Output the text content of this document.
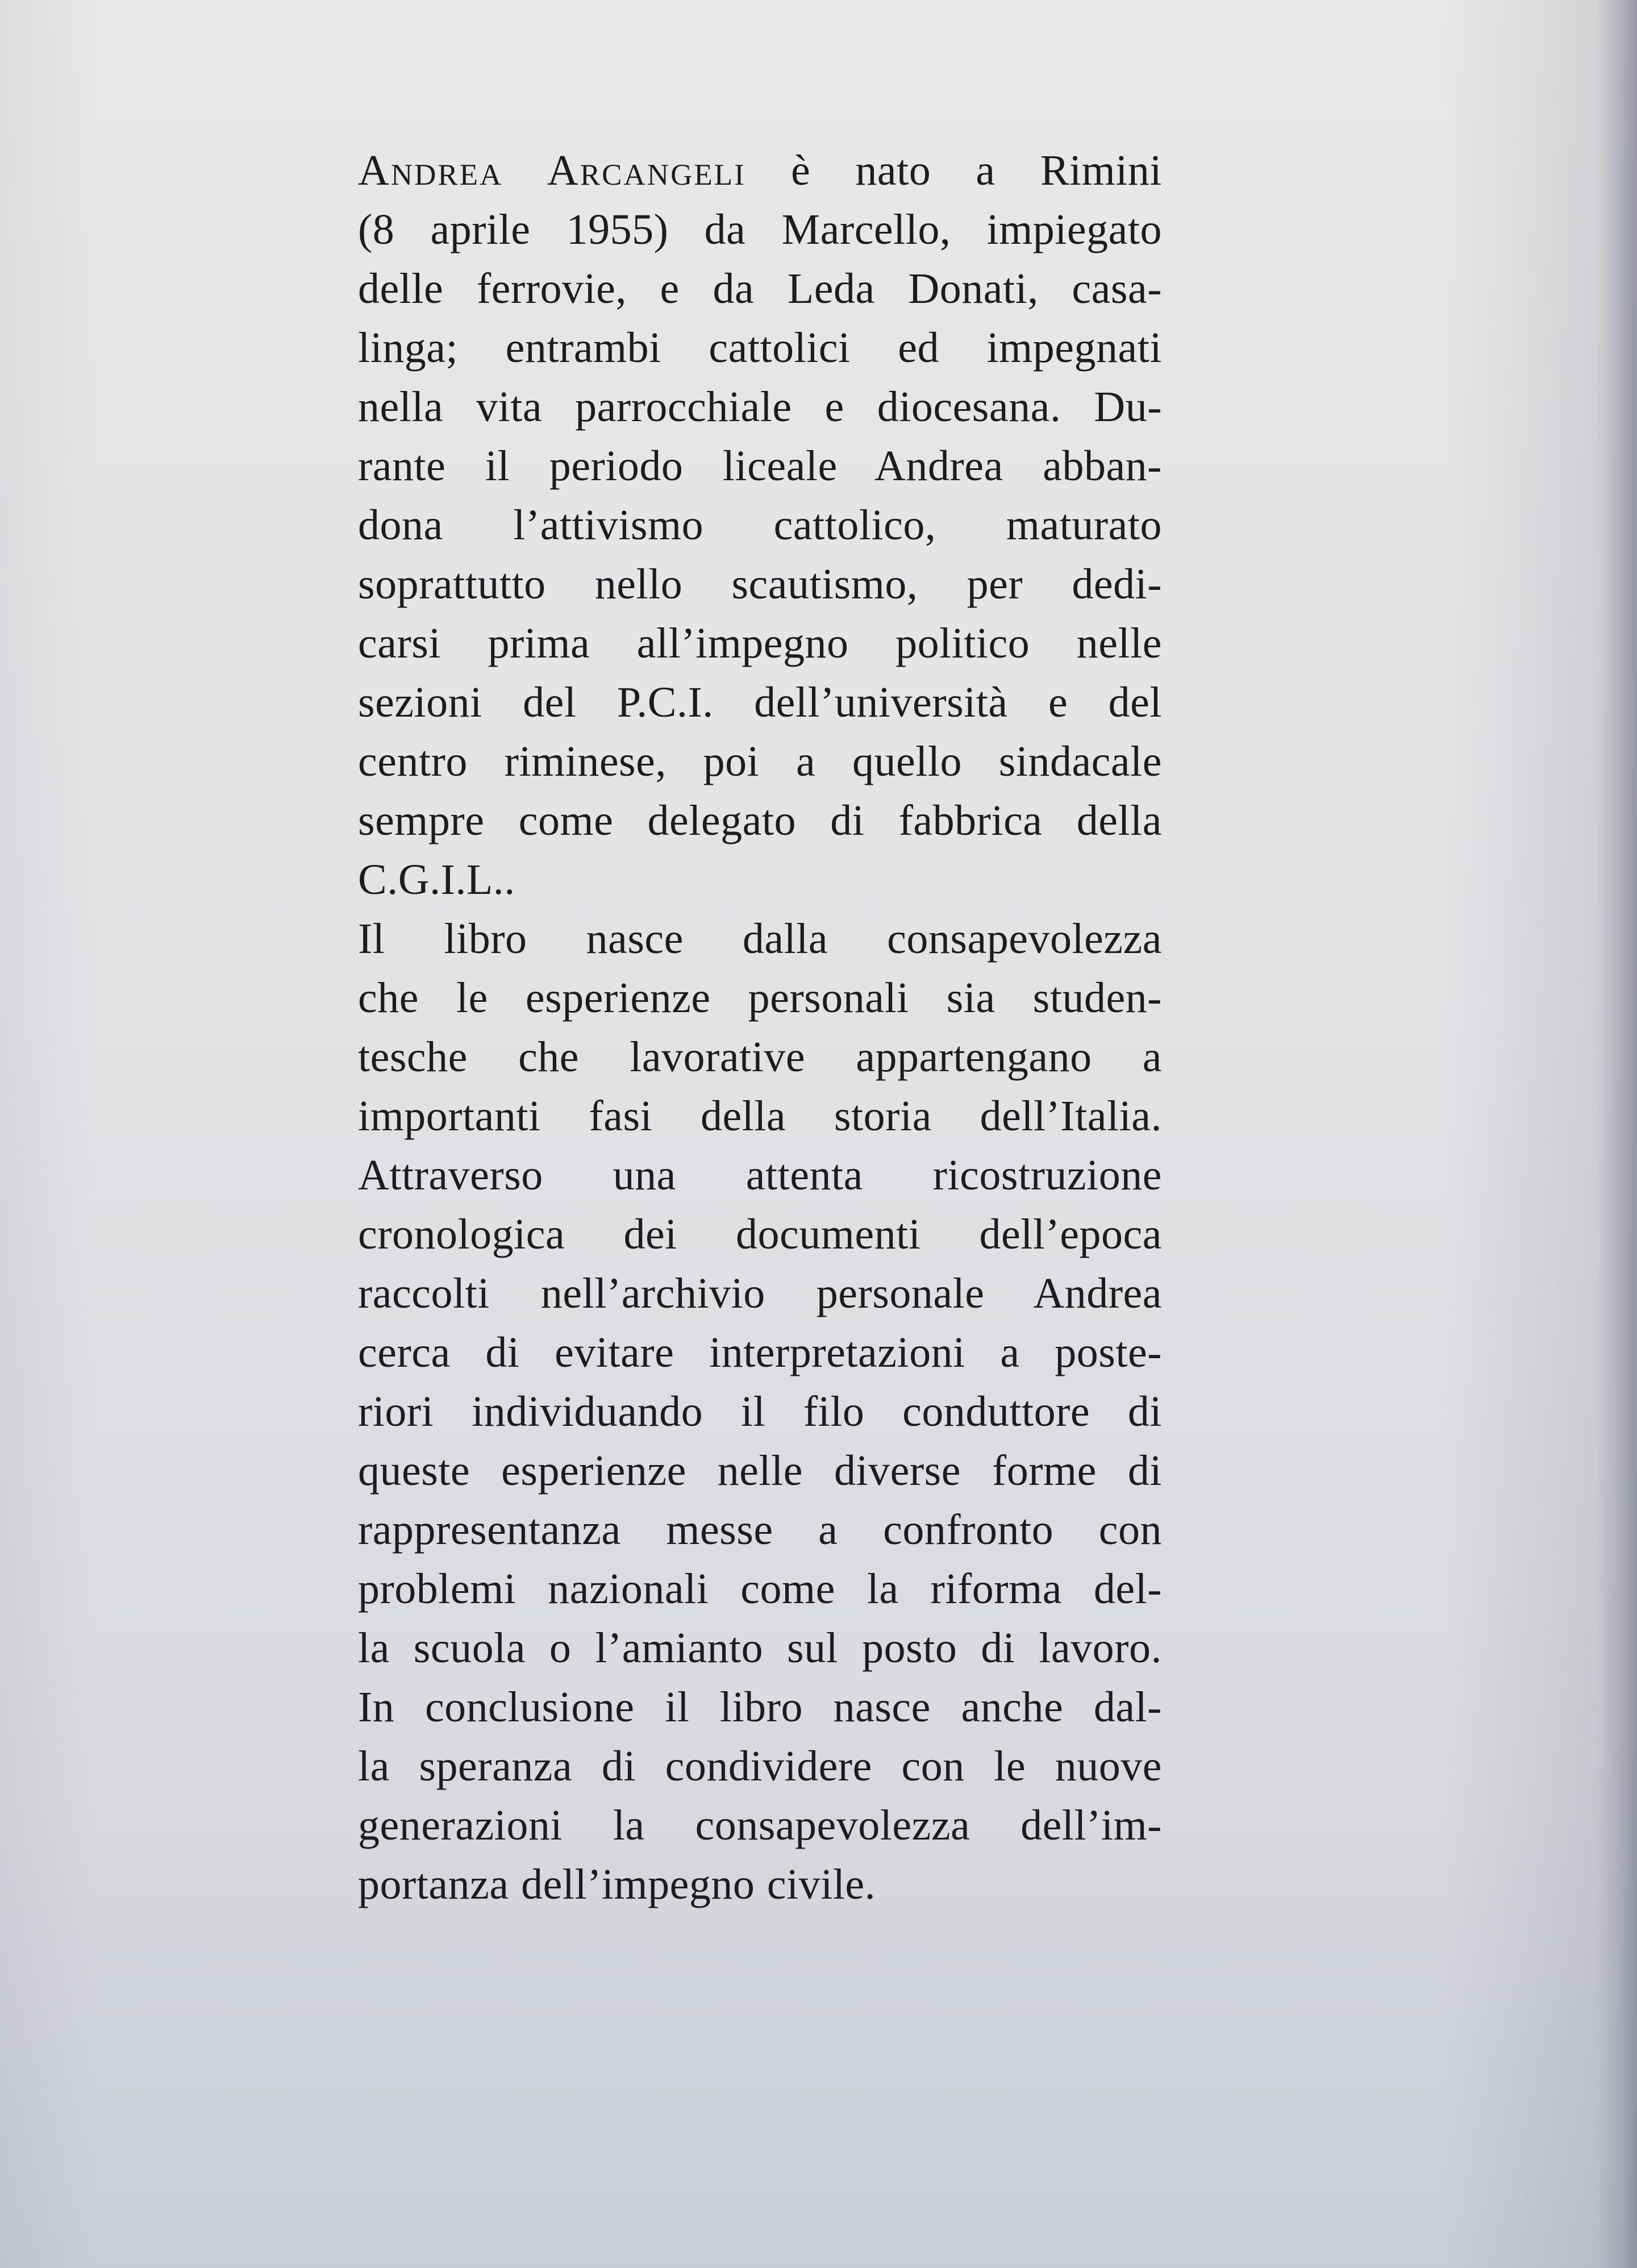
Andrea Arcangeli è nato a Rimini
(8 aprile 1955) da Marcello, impiegato
delle ferrovie, e da Leda Donati, casa-
linga; entrambi cattolici ed impegnati
nella vita parrocchiale e diocesana. Du-
rante il periodo liceale Andrea abban-
dona l’attivismo cattolico, maturato
soprattutto nello scautismo, per dedi-
carsi prima all’impegno politico nelle
sezioni del P.C.I. dell’università e del
centro riminese, poi a quello sindacale
sempre come delegato di fabbrica della
C.G.I.L..
Il libro nasce dalla consapevolezza
che le esperienze personali sia studen-
tesche che lavorative appartengano a
importanti fasi della storia dell’Italia.
Attraverso una attenta ricostruzione
cronologica dei documenti dell’epoca
raccolti nell’archivio personale Andrea
cerca di evitare interpretazioni a poste-
riori individuando il filo conduttore di
queste esperienze nelle diverse forme di
rappresentanza messe a confronto con
problemi nazionali come la riforma del-
la scuola o l’amianto sul posto di lavoro.
In conclusione il libro nasce anche dal-
la speranza di condividere con le nuove
generazioni la consapevolezza dell’im-
portanza dell’impegno civile.
